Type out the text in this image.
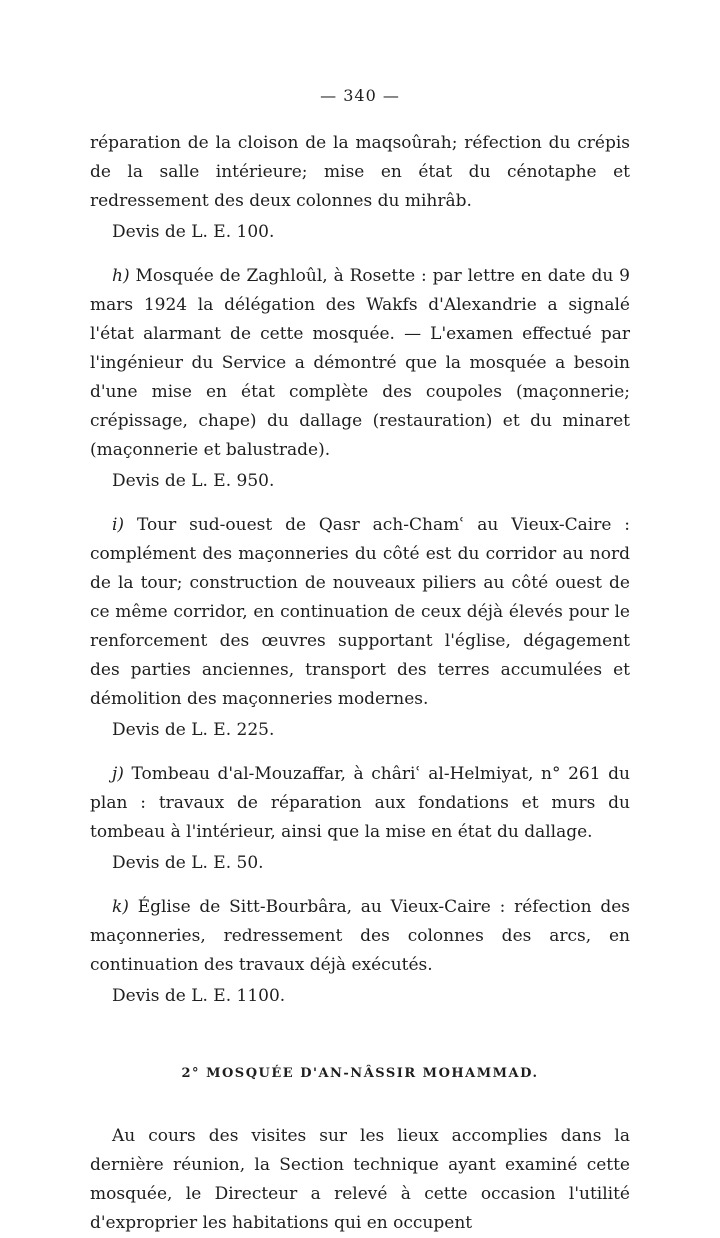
— 340 —

réparation de la cloison de la maqsoûrah; réfection du crépis de la salle intérieure; mise en état du cénotaphe et redressement des deux colonnes du mihrâb.

Devis de L. E. 100.

h) Mosquée de Zaghloûl, à Rosette : par lettre en date du 9 mars 1924 la délégation des Wakfs d'Alexandrie a signalé l'état alarmant de cette mosquée. — L'examen effectué par l'ingénieur du Service a démontré que la mosquée a besoin d'une mise en état complète des coupoles (maçonnerie; crépissage, chape) du dallage (restauration) et du minaret (maçonnerie et balustrade).

Devis de L. E. 950.

i) Tour sud-ouest de Qasr ach-Chamʿ au Vieux-Caire : complément des maçonneries du côté est du corridor au nord de la tour; construction de nouveaux piliers au côté ouest de ce même corridor, en continuation de ceux déjà élevés pour le renforcement des œuvres supportant l'église, dégagement des parties anciennes, transport des terres accumulées et démolition des maçonneries modernes.

Devis de L. E. 225.

j) Tombeau d'al-Mouzaffar, à châriʿ al-Helmiyat, n° 261 du plan : travaux de réparation aux fondations et murs du tombeau à l'intérieur, ainsi que la mise en état du dallage.

Devis de L. E. 50.

k) Église de Sitt-Bourbâra, au Vieux-Caire : réfection des maçonneries, redressement des colonnes des arcs, en continuation des travaux déjà exécutés.

Devis de L. E. 1100.

2° MOSQUÉE D'AN-NÂSSIR MOHAMMAD.

Au cours des visites sur les lieux accomplies dans la dernière réunion, la Section technique ayant examiné cette mosquée, le Directeur a relevé à cette occasion l'utilité d'exproprier les habitations qui en occupent
